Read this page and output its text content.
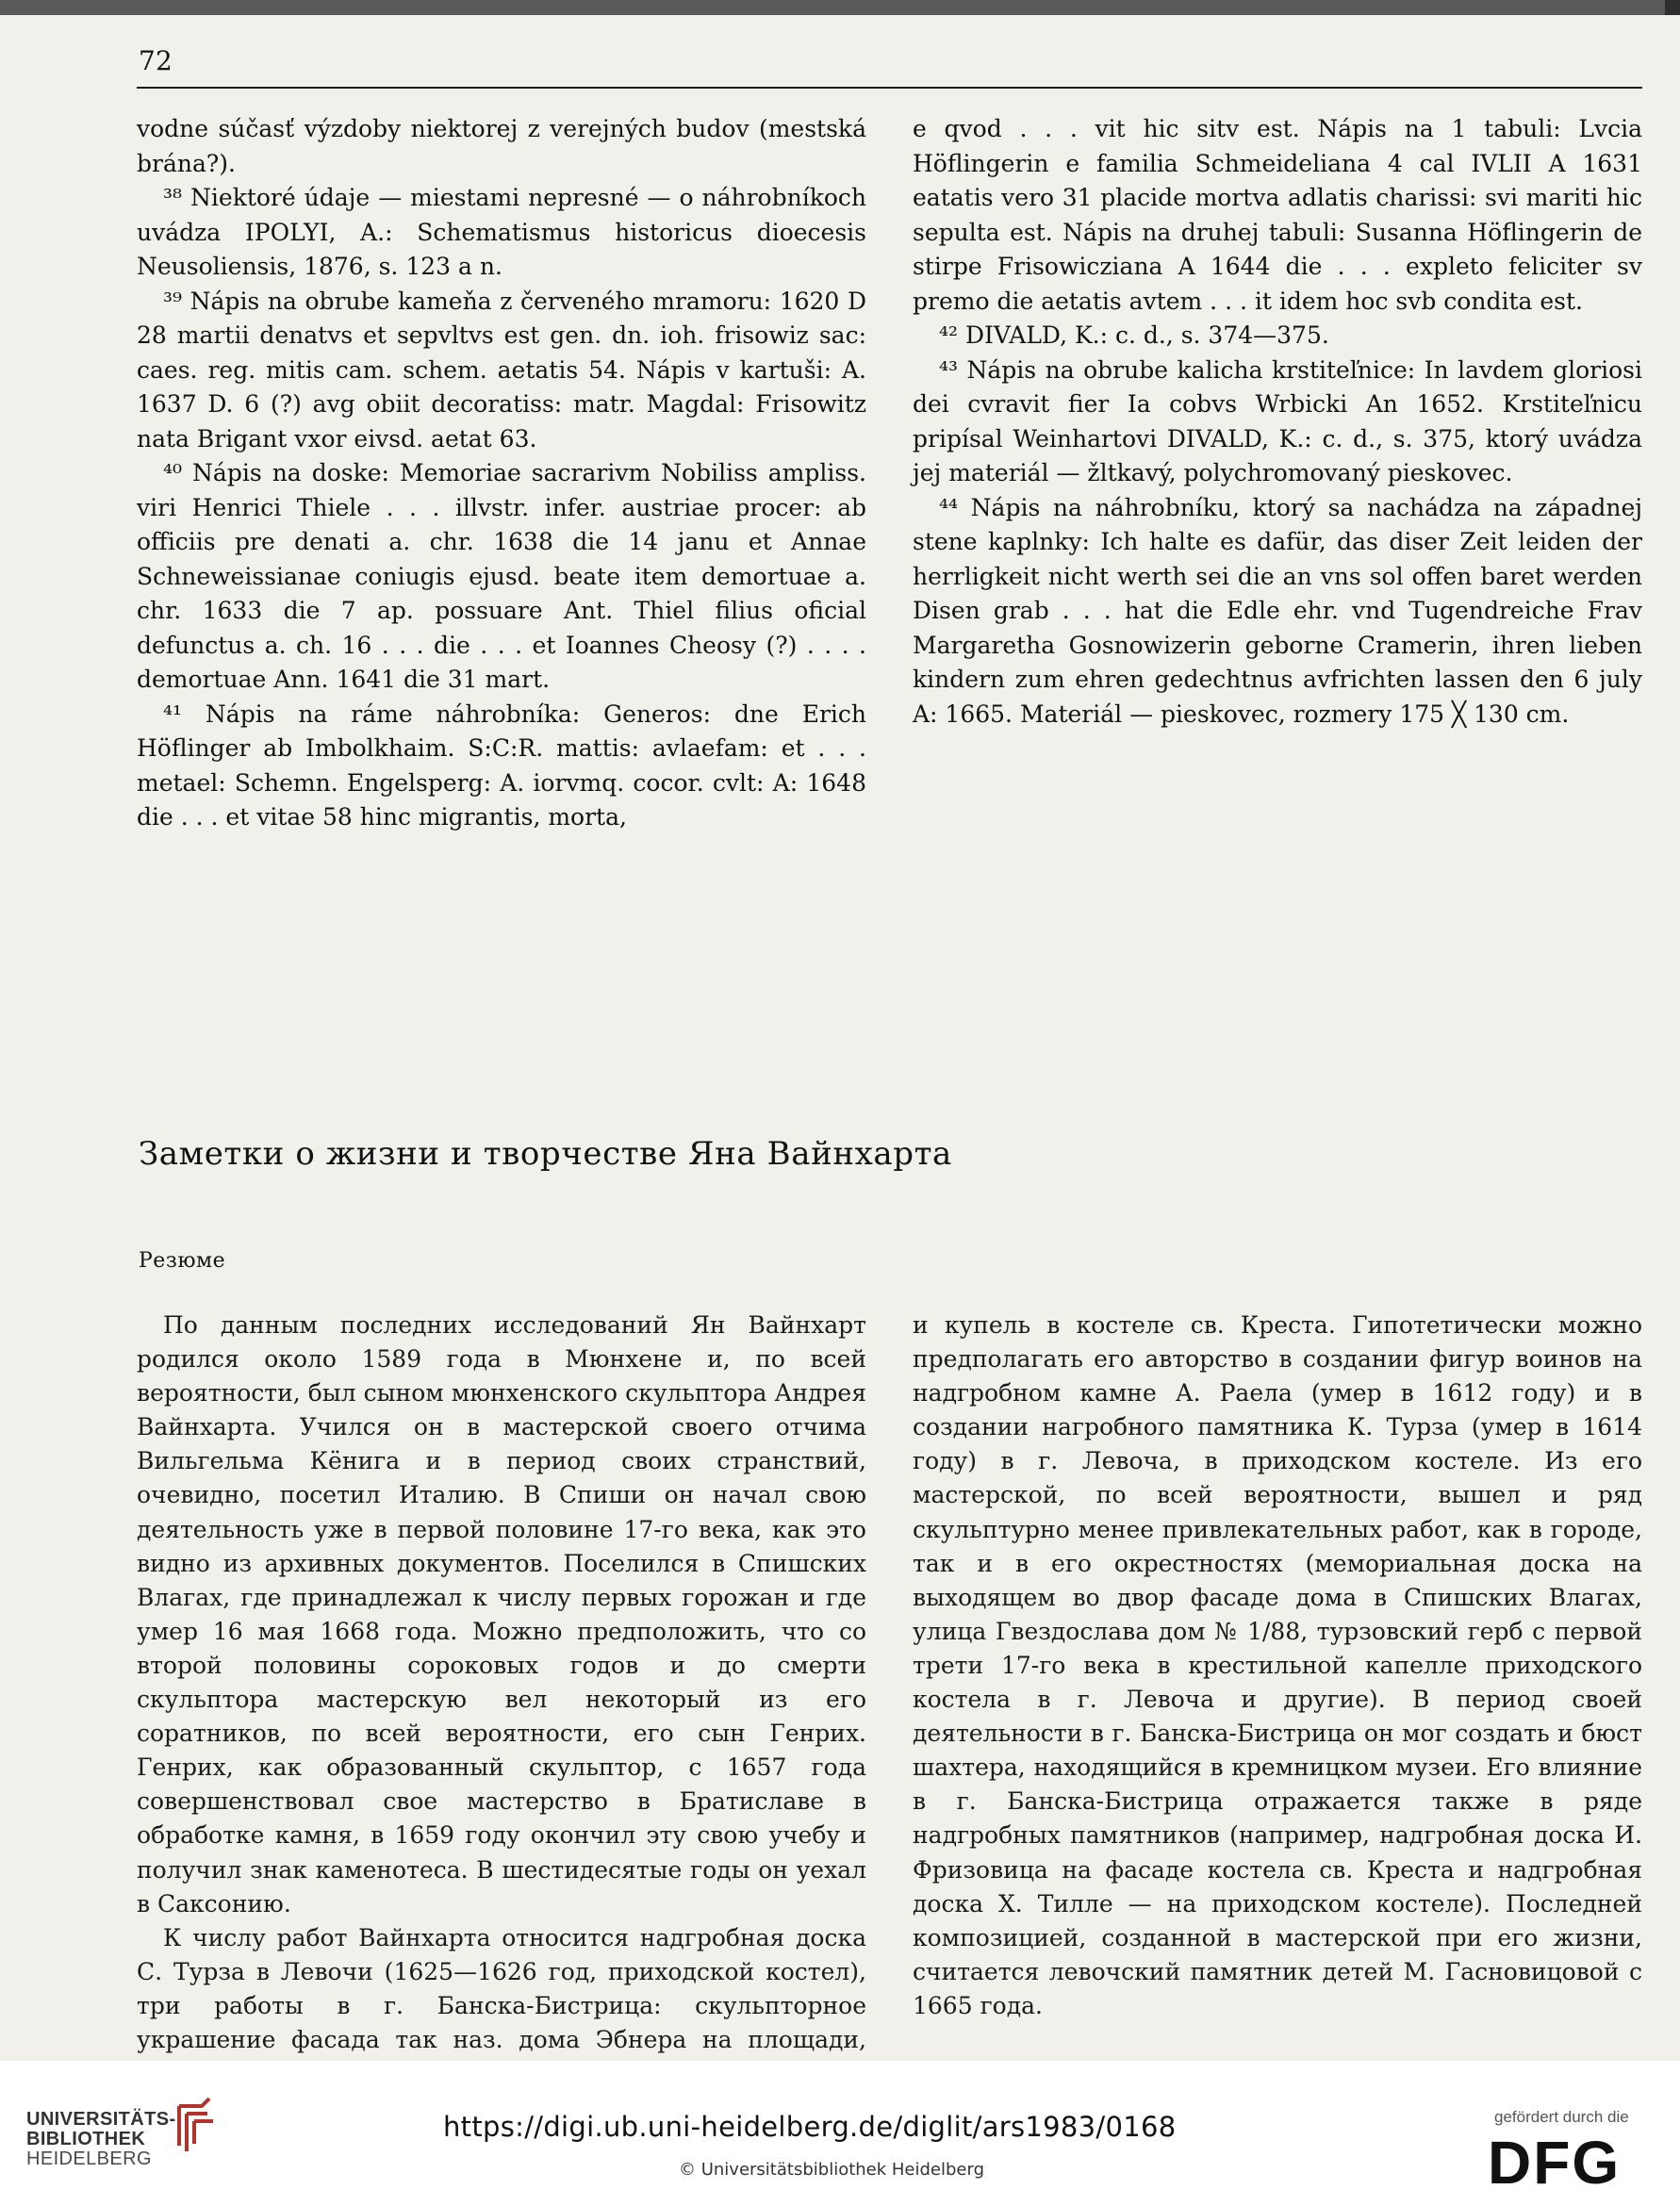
72

vodne súčasť výzdoby niektorej z verejných budov (mestská brána?).

³⁸ Niektoré údaje — miestami nepresné — o náhrobníkoch uvádza IPOLYI, A.: Schematismus historicus dioecesis Neusoliensis, 1876, s. 123 a n.

³⁹ Nápis na obrube kameňa z červeného mramoru: 1620 D 28 martii denatvs et sepvltvs est gen. dn. ioh. frisowiz sac: caes. reg. mitis cam. schem. aetatis 54. Nápis v kartuši: A. 1637 D. 6 (?) avg obiit decoratiss: matr. Magdal: Frisowitz nata Brigant vxor eivsd. aetat 63.

⁴⁰ Nápis na doske: Memoriae sacrarivm Nobiliss ampliss. viri Henrici Thiele . . . illvstr. infer. austriae procer: ab officiis pre denati a. chr. 1638 die 14 janu et Annae Schneweissianae coniugis ejusd. beate item demortuae a. chr. 1633 die 7 ap. possuare Ant. Thiel filius oficial defunctus a. ch. 16 . . . die . . . et Ioannes Cheosy (?) . . . . demortuae Ann. 1641 die 31 mart.

⁴¹ Nápis na ráme náhrobníka: Generos: dne Erich Höflinger ab Imbolkhaim. S:C:R. mattis: avlaefam: et . . . metael: Schemn. Engelsperg: A. iorvmq. cocor. cvlt: A: 1648 die . . . et vitae 58 hinc migrantis, morta,

e qvod . . . vit hic sitv est. Nápis na 1 tabuli: Lvcia Höflingerin e familia Schmeideliana 4 cal IVLII A 1631 eatatis vero 31 placide mortva adlatis charissi: svi mariti hic sepulta est. Nápis na druhej tabuli: Susanna Höflingerin de stirpe Frisowicziana A 1644 die . . . expleto feliciter sv premo die aetatis avtem . . . it idem hoc svb condita est.

⁴² DIVALD, K.: c. d., s. 374—375.

⁴³ Nápis na obrube kalicha krstiteľnice: In lavdem gloriosi dei cvravit fier Ia cobvs Wrbicki An 1652. Krstiteľnicu pripísal Weinhartovi DIVALD, K.: c. d., s. 375, ktorý uvádza jej materiál — žltkavý, polychromovaný pieskovec.

⁴⁴ Nápis na náhrobníku, ktorý sa nachádza na západnej stene kaplnky: Ich halte es dafür, das diser Zeit leiden der herrligkeit nicht werth sei die an vns sol offen baret werden Disen grab . . . hat die Edle ehr. vnd Tugendreiche Frav Margaretha Gosnowizerin geborne Cramerin, ihren lieben kindern zum ehren gedechtnus avfrichten lassen den 6 july A: 1665. Materiál — pieskovec, rozmery 175 ╳ 130 cm.

Заметки о жизни и творчестве Яна Вайнхарта
Резюме

По данным последних исследований Ян Вайнхарт родился около 1589 года в Мюнхене и, по всей вероятности, был сыном мюнхенского скульптора Андрея Вайнхарта. Учился он в мастерской своего отчима Вильгельма Кёнига и в период своих странствий, очевидно, посетил Италию. В Спиши он начал свою деятельность уже в первой половине 17-го века, как это видно из архивных документов. Поселился в Спишских Влагах, где принадлежал к числу первых горожан и где умер 16 мая 1668 года. Можно предположить, что со второй половины сороковых годов и до смерти скульптора мастерскую вел некоторый из его соратников, по всей вероятности, его сын Генрих. Генрих, как образованный скульптор, с 1657 года совершенствовал свое мастерство в Братиславе в обработке камня, в 1659 году окончил эту свою учебу и получил знак каменотеса. В шестидесятые годы он уехал в Саксонию.

К числу работ Вайнхарта относится надгробная доска С. Турза в Левочи (1625—1626 год, приходской костел), три работы в г. Банска-Бистрица: скульпторное украшение фасада так наз. дома Эбнера на площади,

и купель в костеле св. Креста. Гипотетически можно предполагать его авторство в создании фигур воинов на надгробном камне А. Раела (умер в 1612 году) и в создании нагробного памятника К. Турза (умер в 1614 году) в г. Левоча, в приходском костеле. Из его мастерской, по всей вероятности, вышел и ряд скульптурно менее привлекательных работ, как в городе, так и в его окрестностях (мемориальная доска на выходящем во двор фасаде дома в Спишских Влагах, улица Гвездослава дом № 1/88, турзовский герб с первой трети 17-го века в крестильной капелле приходского костела в г. Левоча и другие). В период своей деятельности в г. Банска-Бистрица он мог создать и бюст шахтера, находящийся в кремницком музеи. Его влияние в г. Банска-Бистрица отражается также в ряде надгробных памятников (например, надгробная доска И. Фризовица на фасаде костела св. Креста и надгробная доска Х. Тилле — на приходском костеле). Последней композицией, созданной в мастерской при его жизни, считается левочский памятник детей М. Гасновицовой с 1665 года.

UNIVERSITÄTS-
BIBLIOTHEK
HEIDELBERG
https://digi.ub.uni-heidelberg.de/diglit/ars1983/0168
© Universitätsbibliothek Heidelberg
gefördert durch die
DFG
